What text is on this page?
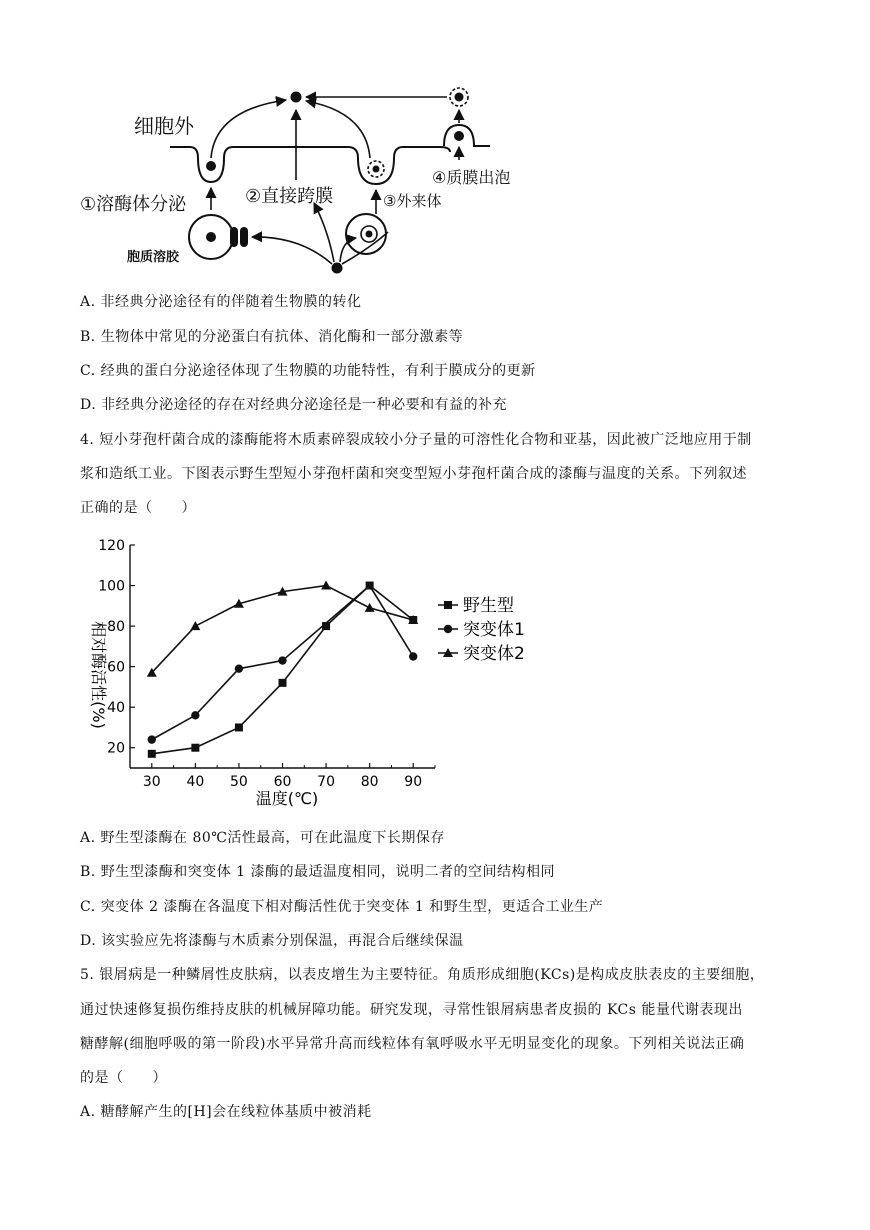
细胞外
①溶酶体分泌	②直接跨膜	③外来体
④质膜出泡
胞质溶胶
A. 非经典分泌途径有的伴随着生物膜的转化
B. 生物体中常见的分泌蛋白有抗体、消化酶和一部分激素等
C. 经典的蛋白分泌途径体现了生物膜的功能特性，有利于膜成分的更新
D. 非经典分泌途径的存在对经典分泌途径是一种必要和有益的补充
4. 短小芽孢杆菌合成的漆酶能将木质素碎裂成较小分子量的可溶性化合物和亚基，因此被广泛地应用于制
浆和造纸工业。下图表示野生型短小芽孢杆菌和突变型短小芽孢杆菌合成的漆酶与温度的关系。下列叙述
正确的是（　　）
20
40
60
80
100
120
30 40 50 60 70 80 90
野生型
突变体1
突变体2
温度(℃)
相对酶活性(%)
A. 野生型漆酶在 80℃活性最高，可在此温度下长期保存
B. 野生型漆酶和突变体 1 漆酶的最适温度相同，说明二者的空间结构相同
C. 突变体 2 漆酶在各温度下相对酶活性优于突变体 1 和野生型，更适合工业生产
D. 该实验应先将漆酶与木质素分别保温，再混合后继续保温
5. 银屑病是一种鳞屑性皮肤病，以表皮增生为主要特征。角质形成细胞(KCs)是构成皮肤表皮的主要细胞，
通过快速修复损伤维持皮肤的机械屏障功能。研究发现，寻常性银屑病患者皮损的 KCs 能量代谢表现出
糖酵解(细胞呼吸的第一阶段)水平异常升高而线粒体有氧呼吸水平无明显变化的现象。下列相关说法正确
的是（　　）
A. 糖酵解产生的[H]会在线粒体基质中被消耗
